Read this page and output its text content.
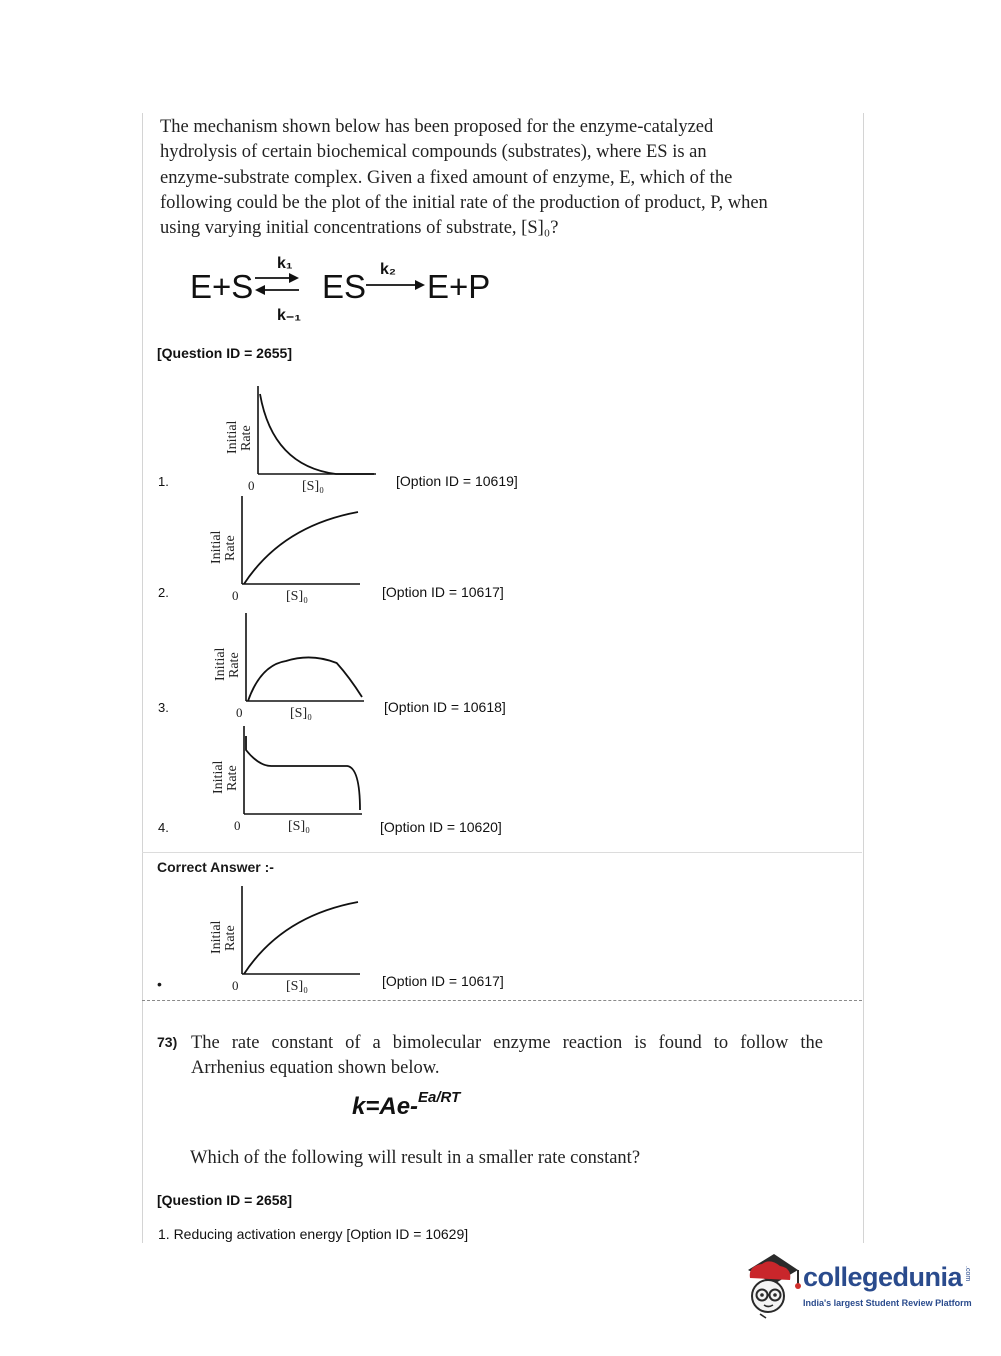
The mechanism shown below has been proposed for the enzyme-catalyzed
hydrolysis of certain biochemical compounds (substrates), where ES is an
enzyme-substrate complex. Given a fixed amount of enzyme, E, which of the
following could be the plot of the initial rate of the production of product, P, when
using varying initial concentrations of substrate, [S]₀?
E+S
k₁
k₋₁
ES k₂ E+P
[Question ID = 2655]
1.
Initial Rate
0	[S]₀	[Option ID = 10619]
2.
Initial Rate
0	[S]₀	[Option ID = 10617]
3.
Initial Rate
0	[S]₀	[Option ID = 10618]
4.
Initial Rate
0	[S]₀	[Option ID = 10620]
Correct Answer :-
Initial Rate
0	[S]₀
•	[Option ID = 10617]
73) The rate constant of a bimolecular enzyme reaction is found to follow the
Arrhenius equation shown below.
k=Ae-$^{Ea/RT}$
Which of the following will result in a smaller rate constant?
[Question ID = 2658]
1. Reducing activation energy [Option ID = 10629]
collegedunia .com
India's largest Student Review Platform
